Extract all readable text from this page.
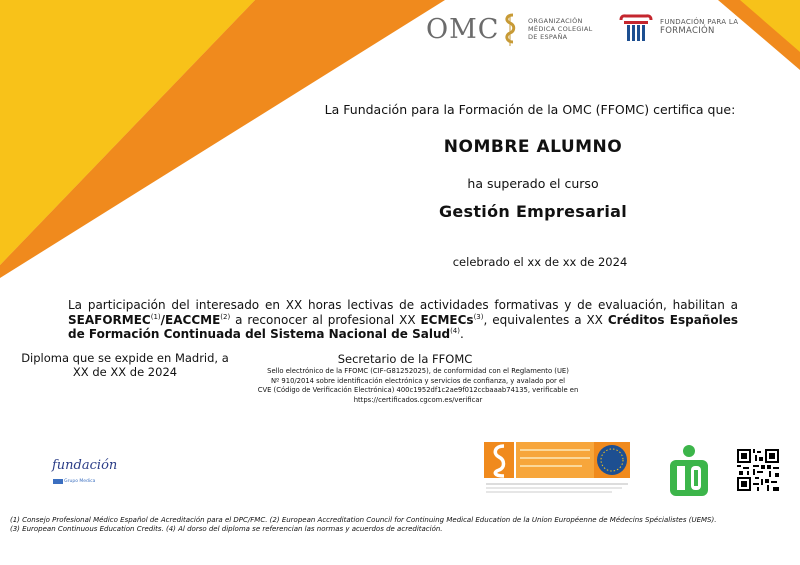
OMC	ORGANIZACIÓN
MÉDICA COLEGIAL
DE ESPAÑA
FUNDACIÓN PARA LA
FORMACIÓN
La Fundación para la Formación de la OMC (FFOMC) certifica que:
NOMBRE ALUMNO
ha superado el curso
Gestión Empresarial
celebrado el xx de xx de 2024
La participación del interesado en XX horas lectivas de actividades formativas y de evaluación, habilitan a SEAFORMEC$^{(1)}$/EACCME$^{(2)}$ a reconocer al profesional XX ECMECs$^{(3)}$, equivalentes a XX Créditos Españoles de Formación Continuada del Sistema Nacional de Salud$^{(4)}$.
Diploma que se expide en Madrid, a
XX de XX de 2024
Secretario de la FFOMC
Sello electrónico de la FFOMC (CIF-G81252025), de conformidad con el Reglamento (UE)
Nº 910/2014 sobre identificación electrónica y servicios de confianza, y avalado por el
CVE (Código de Verificación Electrónica) 400c1952df1c2ae9f012ccbaaab74135, verificable en
https://certificados.cgcom.es/verificar
fundación
Grupo Medica
(1) Consejo Profesional Médico Español de Acreditación para el DPC/FMC. (2) European Accreditation Council for Continuing Medical Education de la Union Européenne de Médecins Spécialistes (UEMS).
(3) European Continuous Education Credits. (4) Al dorso del diploma se referencian las normas y acuerdos de acreditación.
